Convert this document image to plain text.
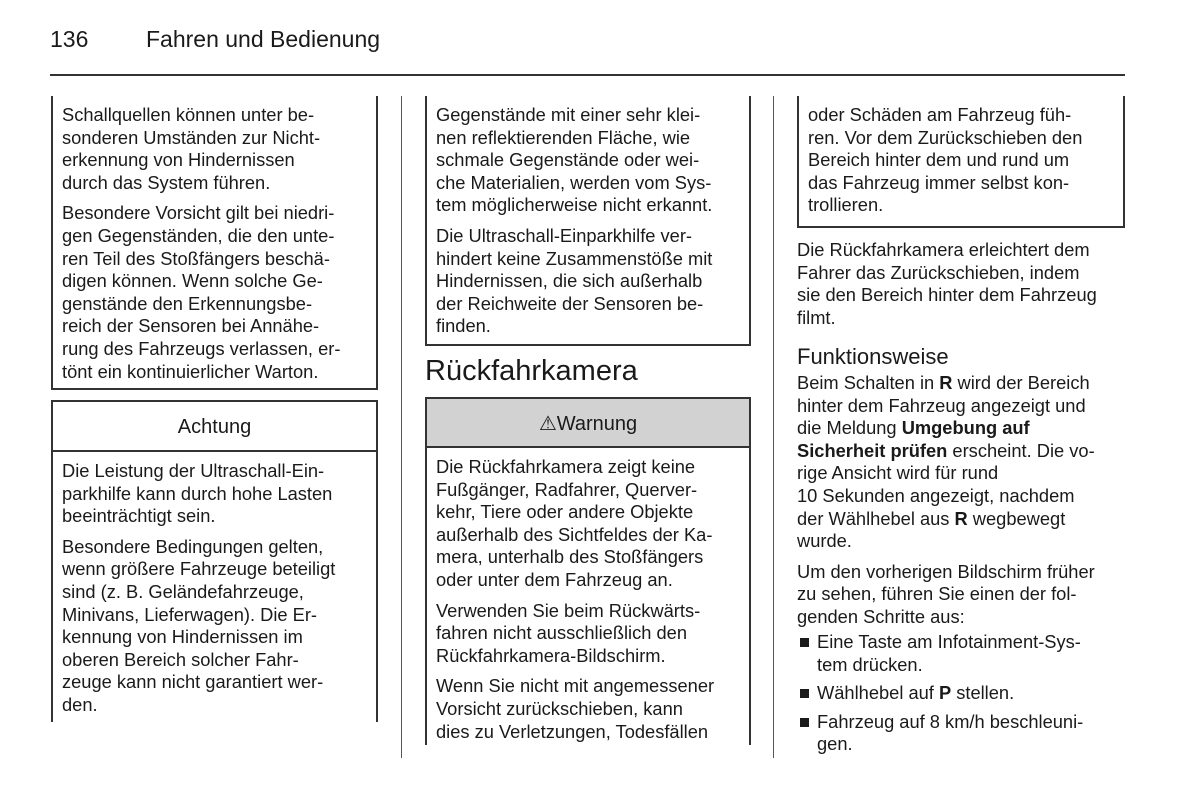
136	Fahren und Bedienung
Schallquellen können unter be-
sonderen Umständen zur Nicht-
erkennung von Hindernissen
durch das System führen.
Besondere Vorsicht gilt bei niedri-
gen Gegenständen, die den unte-
ren Teil des Stoßfängers beschä-
digen können. Wenn solche Ge-
genstände den Erkennungsbe-
reich der Sensoren bei Annähe-
rung des Fahrzeugs verlassen, er-
tönt ein kontinuierlicher Warton.
Achtung
Die Leistung der Ultraschall-Ein-
parkhilfe kann durch hohe Lasten
beeinträchtigt sein.
Besondere Bedingungen gelten,
wenn größere Fahrzeuge beteiligt
sind (z. B. Geländefahrzeuge,
Minivans, Lieferwagen). Die Er-
kennung von Hindernissen im
oberen Bereich solcher Fahr-
zeuge kann nicht garantiert wer-
den.
Gegenstände mit einer sehr klei-
nen reflektierenden Fläche, wie
schmale Gegenstände oder wei-
che Materialien, werden vom Sys-
tem möglicherweise nicht erkannt.
Die Ultraschall-Einparkhilfe ver-
hindert keine Zusammenstöße mit
Hindernissen, die sich außerhalb
der Reichweite der Sensoren be-
finden.
Rückfahrkamera
⚠Warnung
Die Rückfahrkamera zeigt keine
Fußgänger, Radfahrer, Querver-
kehr, Tiere oder andere Objekte
außerhalb des Sichtfeldes der Ka-
mera, unterhalb des Stoßfängers
oder unter dem Fahrzeug an.
Verwenden Sie beim Rückwärts-
fahren nicht ausschließlich den
Rückfahrkamera-Bildschirm.
Wenn Sie nicht mit angemessener
Vorsicht zurückschieben, kann
dies zu Verletzungen, Todesfällen
oder Schäden am Fahrzeug füh-
ren. Vor dem Zurückschieben den
Bereich hinter dem und rund um
das Fahrzeug immer selbst kon-
trollieren.
Die Rückfahrkamera erleichtert dem
Fahrer das Zurückschieben, indem
sie den Bereich hinter dem Fahrzeug
filmt.
Funktionsweise
Beim Schalten in R wird der Bereich
hinter dem Fahrzeug angezeigt und
die Meldung Umgebung auf
Sicherheit prüfen erscheint. Die vo-
rige Ansicht wird für rund
10 Sekunden angezeigt, nachdem
der Wählhebel aus R wegbewegt
wurde.
Um den vorherigen Bildschirm früher
zu sehen, führen Sie einen der fol-
genden Schritte aus:
Eine Taste am Infotainment-Sys-
tem drücken.
Wählhebel auf P stellen.
Fahrzeug auf 8 km/h beschleuni-
gen.
